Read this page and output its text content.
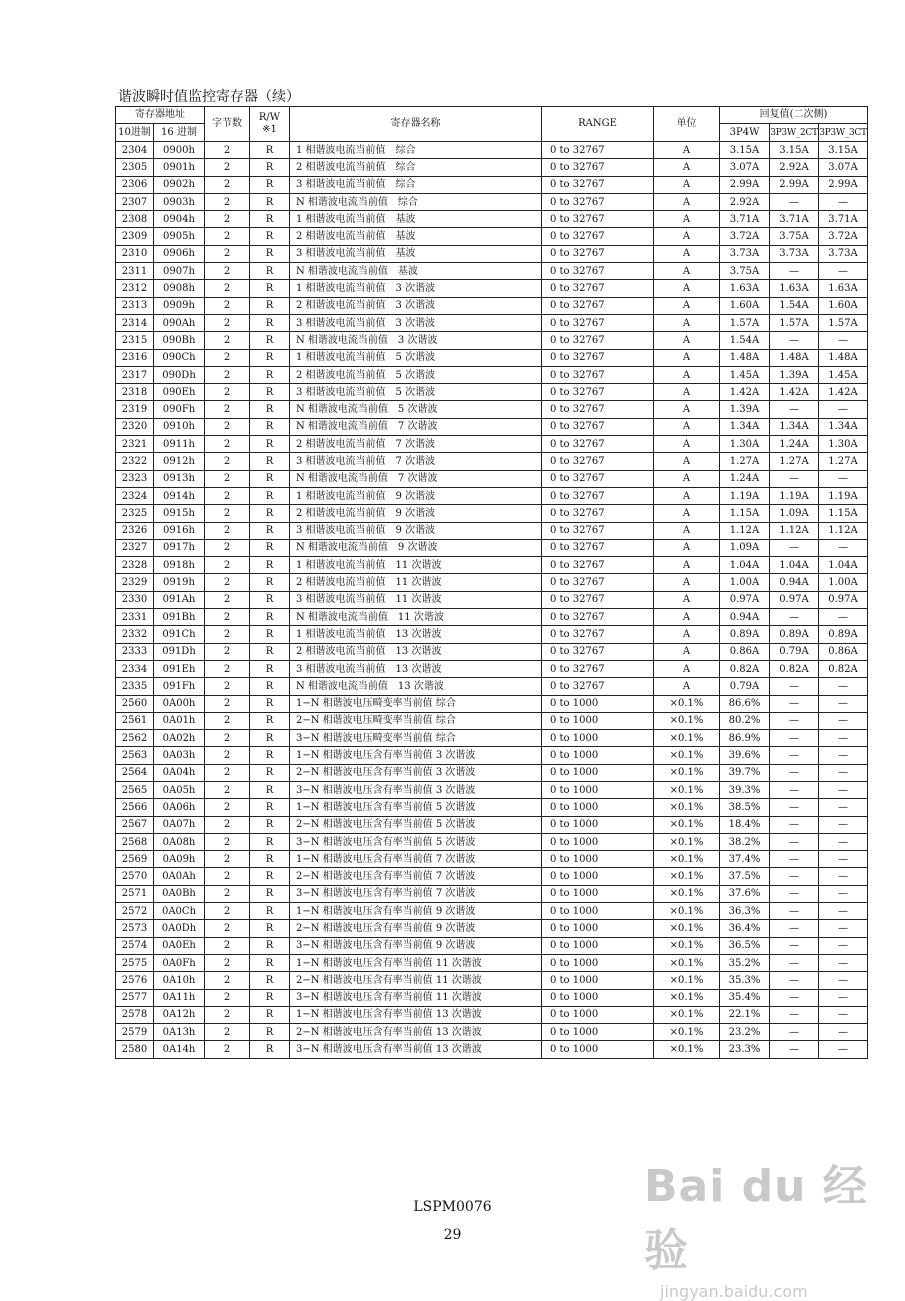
谐波瞬时值监控寄存器（续）
寄存器地址		字节数	R/W
※1	寄存器名称	RANGE	单位	回复值(二次侧)		
10进制	16 进制						3P4W	3P3W_2CT	3P3W_3CT
2304	0900h	2	R	1 相谐波电流当前值　综合	0 to 32767	A	3.15A	3.15A	3.15A
2305	0901h	2	R	2 相谐波电流当前值　综合	0 to 32767	A	3.07A	2.92A	3.07A
2306	0902h	2	R	3 相谐波电流当前值　综合	0 to 32767	A	2.99A	2.99A	2.99A
2307	0903h	2	R	N 相谐波电流当前值　综合	0 to 32767	A	2.92A	—	—
2308	0904h	2	R	1 相谐波电流当前值　基波	0 to 32767	A	3.71A	3.71A	3.71A
2309	0905h	2	R	2 相谐波电流当前值　基波	0 to 32767	A	3.72A	3.75A	3.72A
2310	0906h	2	R	3 相谐波电流当前值　基波	0 to 32767	A	3.73A	3.73A	3.73A
2311	0907h	2	R	N 相谐波电流当前值　基波	0 to 32767	A	3.75A	—	—
2312	0908h	2	R	1 相谐波电流当前值　3 次谐波	0 to 32767	A	1.63A	1.63A	1.63A
2313	0909h	2	R	2 相谐波电流当前值　3 次谐波	0 to 32767	A	1.60A	1.54A	1.60A
2314	090Ah	2	R	3 相谐波电流当前值　3 次谐波	0 to 32767	A	1.57A	1.57A	1.57A
2315	090Bh	2	R	N 相谐波电流当前值　3 次谐波	0 to 32767	A	1.54A	—	—
2316	090Ch	2	R	1 相谐波电流当前值　5 次谐波	0 to 32767	A	1.48A	1.48A	1.48A
2317	090Dh	2	R	2 相谐波电流当前值　5 次谐波	0 to 32767	A	1.45A	1.39A	1.45A
2318	090Eh	2	R	3 相谐波电流当前值　5 次谐波	0 to 32767	A	1.42A	1.42A	1.42A
2319	090Fh	2	R	N 相谐波电流当前值　5 次谐波	0 to 32767	A	1.39A	—	—
2320	0910h	2	R	N 相谐波电流当前值　7 次谐波	0 to 32767	A	1.34A	1.34A	1.34A
2321	0911h	2	R	2 相谐波电流当前值　7 次谐波	0 to 32767	A	1.30A	1.24A	1.30A
2322	0912h	2	R	3 相谐波电流当前值　7 次谐波	0 to 32767	A	1.27A	1.27A	1.27A
2323	0913h	2	R	N 相谐波电流当前值　7 次谐波	0 to 32767	A	1.24A	—	—
2324	0914h	2	R	1 相谐波电流当前值　9 次谐波	0 to 32767	A	1.19A	1.19A	1.19A
2325	0915h	2	R	2 相谐波电流当前值　9 次谐波	0 to 32767	A	1.15A	1.09A	1.15A
2326	0916h	2	R	3 相谐波电流当前值　9 次谐波	0 to 32767	A	1.12A	1.12A	1.12A
2327	0917h	2	R	N 相谐波电流当前值　9 次谐波	0 to 32767	A	1.09A	—	—
2328	0918h	2	R	1 相谐波电流当前值　11 次谐波	0 to 32767	A	1.04A	1.04A	1.04A
2329	0919h	2	R	2 相谐波电流当前值　11 次谐波	0 to 32767	A	1.00A	0.94A	1.00A
2330	091Ah	2	R	3 相谐波电流当前值　11 次谐波	0 to 32767	A	0.97A	0.97A	0.97A
2331	091Bh	2	R	N 相谐波电流当前值　11 次谐波	0 to 32767	A	0.94A	—	—
2332	091Ch	2	R	1 相谐波电流当前值　13 次谐波	0 to 32767	A	0.89A	0.89A	0.89A
2333	091Dh	2	R	2 相谐波电流当前值　13 次谐波	0 to 32767	A	0.86A	0.79A	0.86A
2334	091Eh	2	R	3 相谐波电流当前值　13 次谐波	0 to 32767	A	0.82A	0.82A	0.82A
2335	091Fh	2	R	N 相谐波电流当前值　13 次谐波	0 to 32767	A	0.79A	—	—
2560	0A00h	2	R	1−N 相谐波电压畸变率当前值 综合	0 to 1000	×0.1%	86.6%	—	—
2561	0A01h	2	R	2−N 相谐波电压畸变率当前值 综合	0 to 1000	×0.1%	80.2%	—	—
2562	0A02h	2	R	3−N 相谐波电压畸变率当前值 综合	0 to 1000	×0.1%	86.9%	—	—
2563	0A03h	2	R	1−N 相谐波电压含有率当前值 3 次谐波	0 to 1000	×0.1%	39.6%	—	—
2564	0A04h	2	R	2−N 相谐波电压含有率当前值 3 次谐波	0 to 1000	×0.1%	39.7%	—	—
2565	0A05h	2	R	3−N 相谐波电压含有率当前值 3 次谐波	0 to 1000	×0.1%	39.3%	—	—
2566	0A06h	2	R	1−N 相谐波电压含有率当前值 5 次谐波	0 to 1000	×0.1%	38.5%	—	—
2567	0A07h	2	R	2−N 相谐波电压含有率当前值 5 次谐波	0 to 1000	×0.1%	18.4%	—	—
2568	0A08h	2	R	3−N 相谐波电压含有率当前值 5 次谐波	0 to 1000	×0.1%	38.2%	—	—
2569	0A09h	2	R	1−N 相谐波电压含有率当前值 7 次谐波	0 to 1000	×0.1%	37.4%	—	—
2570	0A0Ah	2	R	2−N 相谐波电压含有率当前值 7 次谐波	0 to 1000	×0.1%	37.5%	—	—
2571	0A0Bh	2	R	3−N 相谐波电压含有率当前值 7 次谐波	0 to 1000	×0.1%	37.6%	—	—
2572	0A0Ch	2	R	1−N 相谐波电压含有率当前值 9 次谐波	0 to 1000	×0.1%	36.3%	—	—
2573	0A0Dh	2	R	2−N 相谐波电压含有率当前值 9 次谐波	0 to 1000	×0.1%	36.4%	—	—
2574	0A0Eh	2	R	3−N 相谐波电压含有率当前值 9 次谐波	0 to 1000	×0.1%	36.5%	—	—
2575	0A0Fh	2	R	1−N 相谐波电压含有率当前值 11 次谐波	0 to 1000	×0.1%	35.2%	—	—
2576	0A10h	2	R	2−N 相谐波电压含有率当前值 11 次谐波	0 to 1000	×0.1%	35.3%	—	—
2577	0A11h	2	R	3−N 相谐波电压含有率当前值 11 次谐波	0 to 1000	×0.1%	35.4%	—	—
2578	0A12h	2	R	1−N 相谐波电压含有率当前值 13 次谐波	0 to 1000	×0.1%	22.1%	—	—
2579	0A13h	2	R	2−N 相谐波电压含有率当前值 13 次谐波	0 to 1000	×0.1%	23.2%	—	—
2580	0A14h	2	R	3−N 相谐波电压含有率当前值 13 次谐波	0 to 1000	×0.1%	23.3%	—	—
LSPM0076
29
Bai du 经验
jingyan.baidu.com
